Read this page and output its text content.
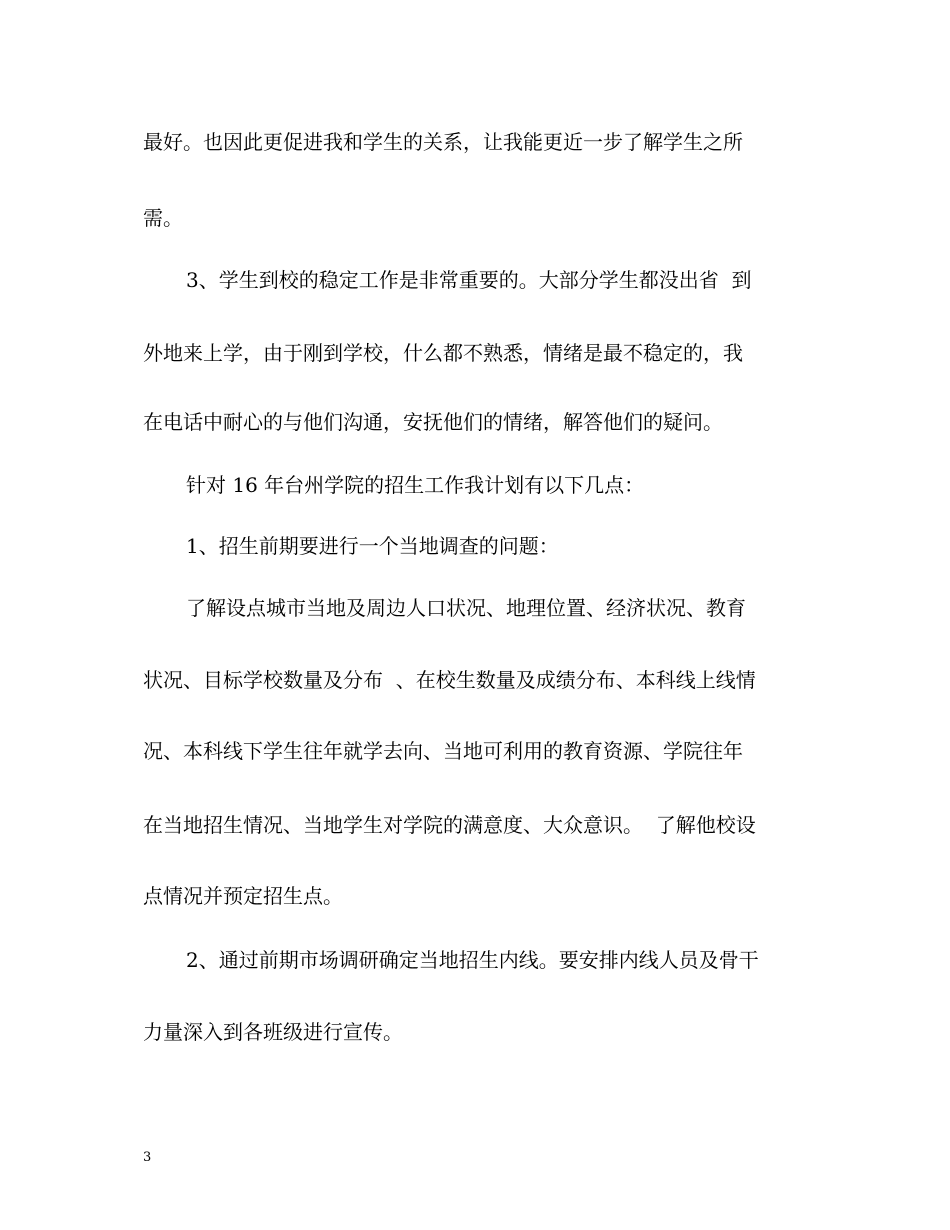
最好。也因此更促进我和学生的关系，让我能更近一步了解学生之所

需。

3、学生到校的稳定工作是非常重要的。大部分学生都没出省  到

外地来上学，由于刚到学校，什么都不熟悉，情绪是最不稳定的，我

在电话中耐心的与他们沟通，安抚他们的情绪，解答他们的疑问。

针对 16 年台州学院的招生工作我计划有以下几点：

1、招生前期要进行一个当地调查的问题：

了解设点城市当地及周边人口状况、地理位置、经济状况、教育

状况、目标学校数量及分布  、在校生数量及成绩分布、本科线上线情

况、本科线下学生往年就学去向、当地可利用的教育资源、学院往年

在当地招生情况、当地学生对学院的满意度、大众意识。  了解他校设

点情况并预定招生点。

2、通过前期市场调研确定当地招生内线。要安排内线人员及骨干

力量深入到各班级进行宣传。

3
